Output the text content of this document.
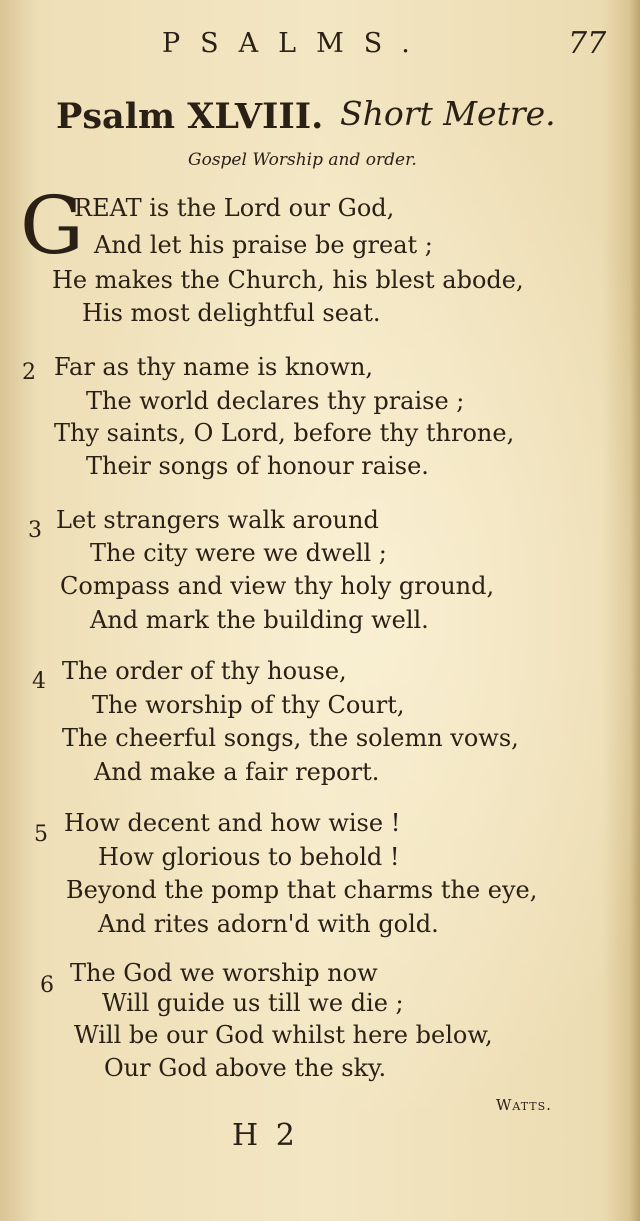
PSALMS.	77
Psalm XLVIII. Short Metre.
Gospel Worship and order.
G
REAT is the Lord our God,
And let his praise be great ;
He makes the Church, his blest abode,
His most delightful seat.
2 Far as thy name is known,
The world declares thy praise ;
Thy saints, O Lord, before thy throne,
Their songs of honour raise.
3 Let strangers walk around
The city were we dwell ;
Compass and view thy holy ground,
And mark the building well.
4 The order of thy house,
The worship of thy Court,
The cheerful songs, the solemn vows,
And make a fair report.
5 How decent and how wise !
How glorious to behold !
Beyond the pomp that charms the eye,
And rites adorn'd with gold.
6 The God we worship now
Will guide us till we die ;
Will be our God whilst here below,
Our God above the sky.
Watts.
H 2
